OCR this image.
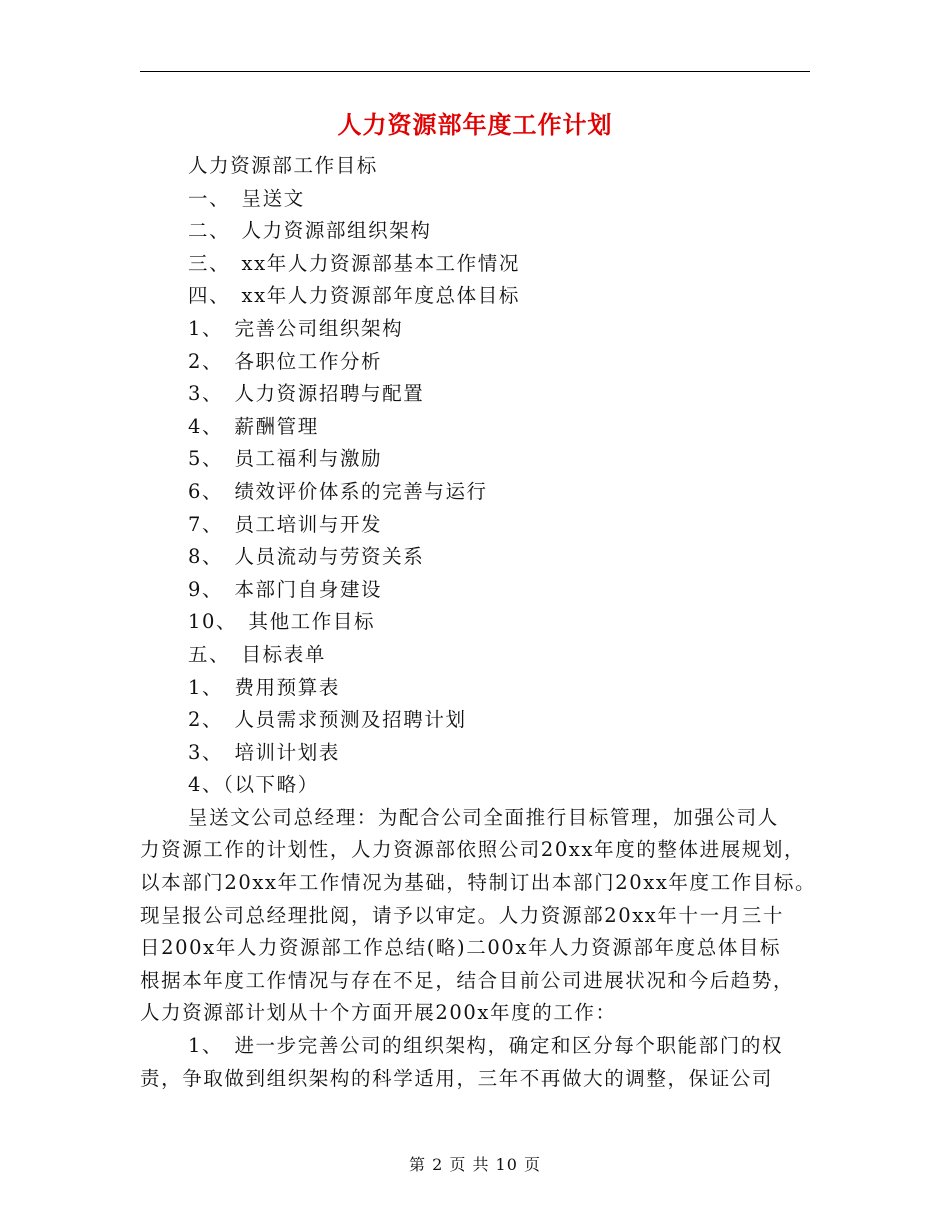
人力资源部年度工作计划
人力资源部工作目标
一、　呈送文
二、　人力资源部组织架构
三、　xx年人力资源部基本工作情况
四、　xx年人力资源部年度总体目标
1、　完善公司组织架构
2、　各职位工作分析
3、　人力资源招聘与配置
4、　薪酬管理
5、　员工福利与激励
6、　绩效评价体系的完善与运行
7、　员工培训与开发
8、　人员流动与劳资关系
9、　本部门自身建设
10、　其他工作目标
五、　目标表单
1、　费用预算表
2、　人员需求预测及招聘计划
3、　培训计划表
4、（以下略）
呈送文公司总经理：为配合公司全面推行目标管理，加强公司人
力资源工作的计划性，人力资源部依照公司20xx年度的整体进展规划，
以本部门20xx年工作情况为基础，特制订出本部门20xx年度工作目标。
现呈报公司总经理批阅，请予以审定。人力资源部20xx年十一月三十
日200x年人力资源部工作总结(略)二00x年人力资源部年度总体目标
根据本年度工作情况与存在不足，结合目前公司进展状况和今后趋势，
人力资源部计划从十个方面开展200x年度的工作：
1、　进一步完善公司的组织架构，确定和区分每个职能部门的权
责，争取做到组织架构的科学适用，三年不再做大的调整，保证公司
第 2 页 共 10 页
